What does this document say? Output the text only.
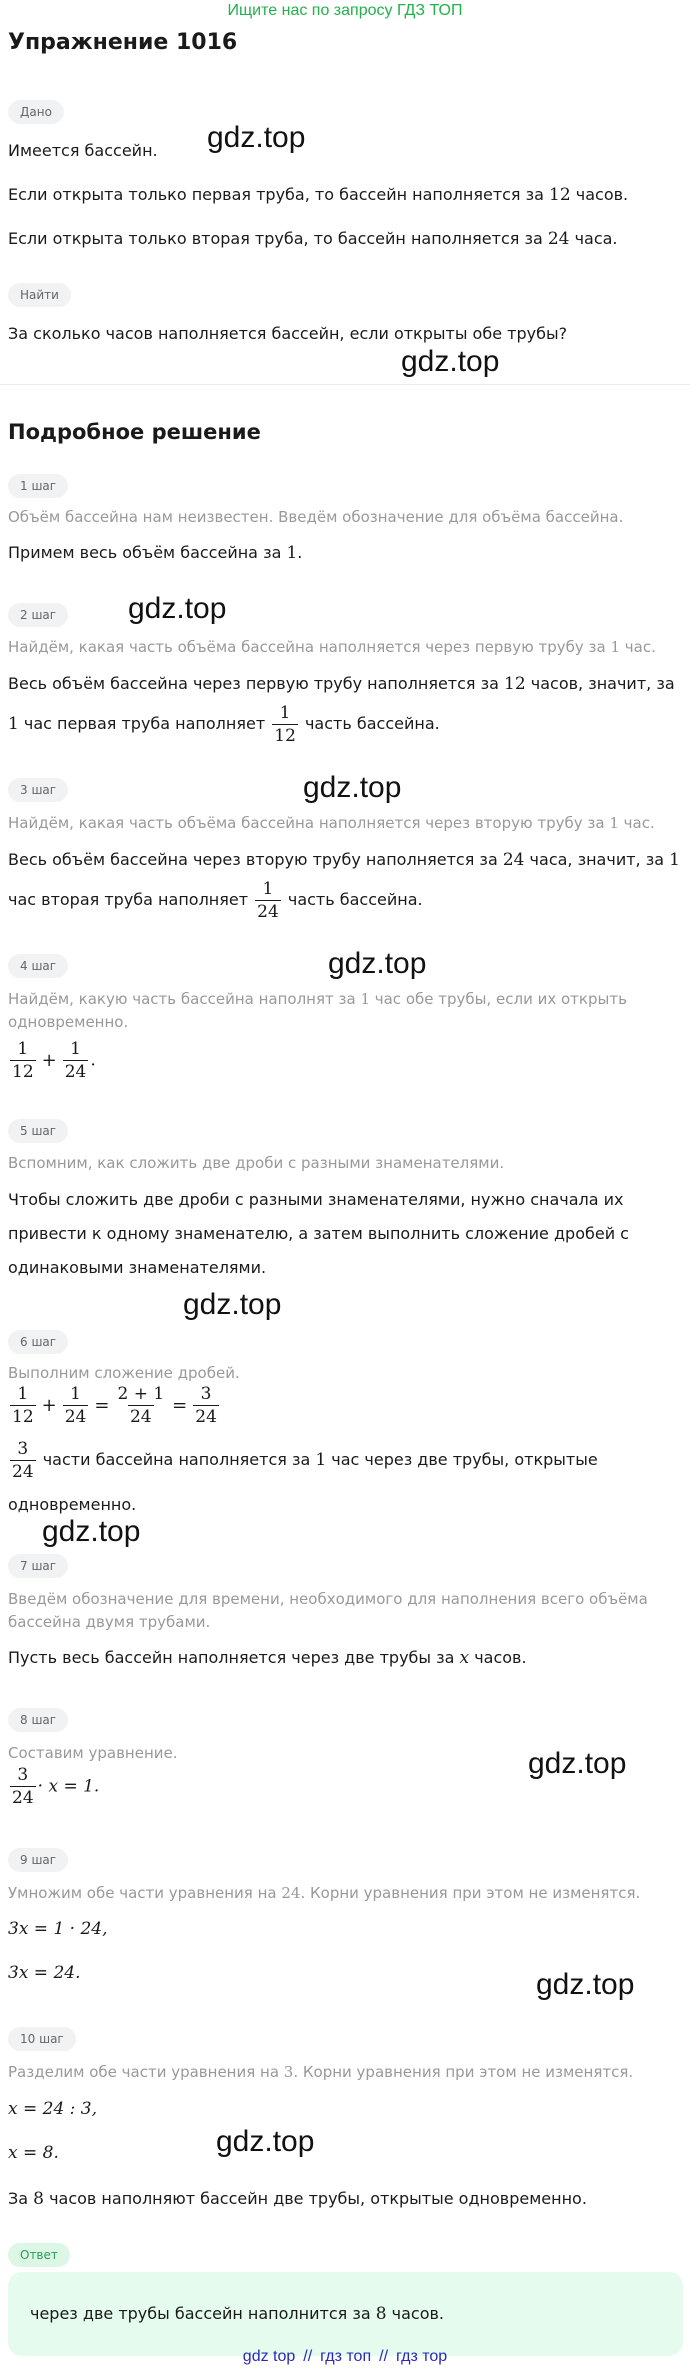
Ищите нас по запросу ГДЗ ТОП
Упражнение 1016
Дано
Имеется бассейн.
Если открыта только первая труба, то бассейн наполняется за 12 часов.
Если открыта только вторая труба, то бассейн наполняется за 24 часа.
Найти
За сколько часов наполняется бассейн, если открыты обе трубы?
Подробное решение
1 шаг
Объём бассейна нам неизвестен. Введём обозначение для объёма бассейна.
Примем весь объём бассейна за 1.
2 шаг
Найдём, какая часть объёма бассейна наполняется через первую трубу за 1 час.
Весь объём бассейна через первую трубу наполняется за 12 часов, значит, за
1 час первая труба наполняет $\frac{1}{12}$ часть бассейна.
3 шаг
Найдём, какая часть объёма бассейна наполняется через вторую трубу за 1 час.
Весь объём бассейна через вторую трубу наполняется за 24 часа, значит, за 1
час вторая труба наполняет $\frac{1}{24}$ часть бассейна.
4 шаг
Найдём, какую часть бассейна наполнят за 1 час обе трубы, если их открыть
одновременно.
$\frac{1}{12} + \frac{1}{24}$ .
5 шаг
Вспомним, как сложить две дроби с разными знаменателями.
Чтобы сложить две дроби с разными знаменателями, нужно сначала их
привести к одному знаменателю, а затем выполнить сложение дробей с
одинаковыми знаменателями.
6 шаг
Выполним сложение дробей.
$\frac{1}{12} + \frac{1}{24} = \frac{2 + 1}{24} = \frac{3}{24}$
$\frac{3}{24}$ части бассейна наполняется за 1 час через две трубы, открытые
одновременно.
7 шаг
Введём обозначение для времени, необходимого для наполнения всего объёма
бассейна двумя трубами.
Пусть весь бассейн наполняется через две трубы за x часов.
8 шаг
Составим уравнение.
$\frac{3}{24} \cdot x = 1$.
9 шаг
Умножим обе части уравнения на 24. Корни уравнения при этом не изменятся.
3x = 1 · 24,
3x = 24.
10 шаг
Разделим обе части уравнения на 3. Корни уравнения при этом не изменятся.
x = 24 : 3,
x = 8.
За 8 часов наполняют бассейн две трубы, открытые одновременно.
Ответ
через две трубы бассейн наполнится за 8 часов.
gdz.top
gdz.top
gdz.top
gdz.top
gdz.top
gdz.top
gdz.top
gdz.top
gdz.top
gdz.top
gdz top // гдз топ // гдз тор
